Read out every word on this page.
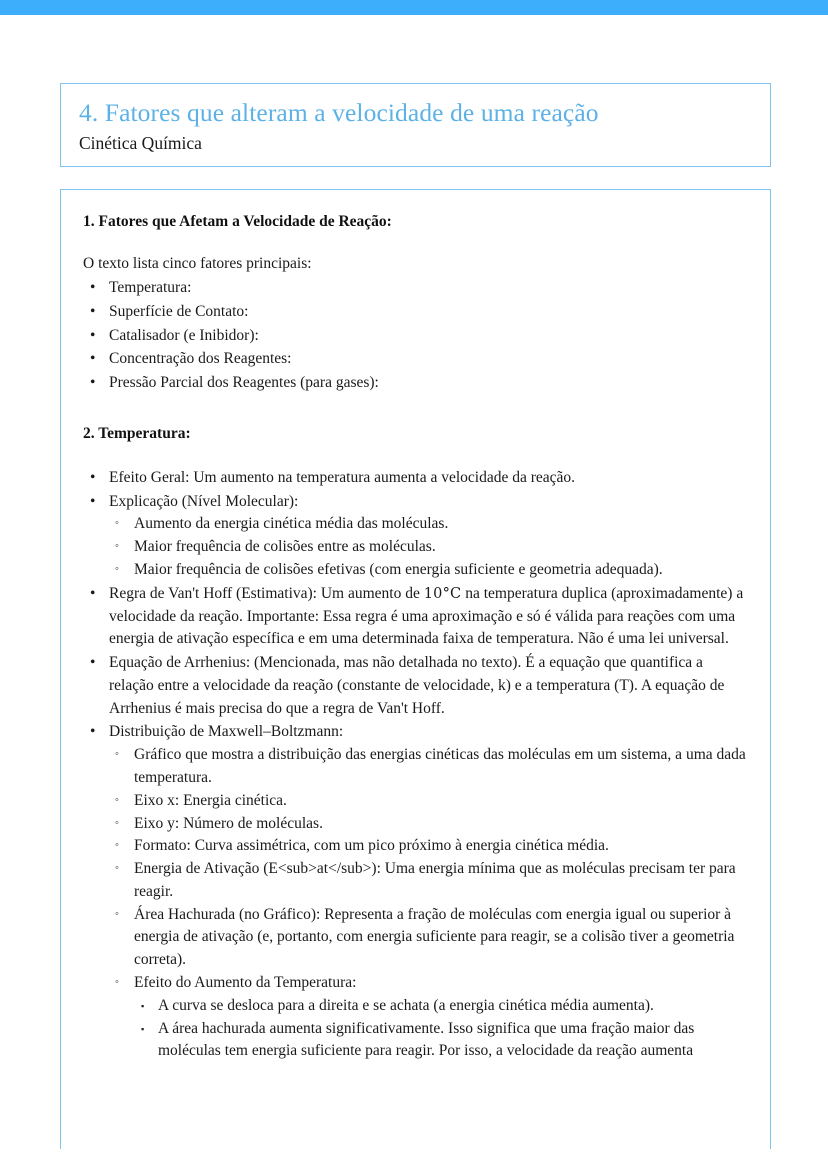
4. Fatores que alteram a velocidade de uma reação
Cinética Química
1. Fatores que Afetam a Velocidade de Reação:

O texto lista cinco fatores principais:

• Temperatura:
• Superfície de Contato:
• Catalisador (e Inibidor):
• Concentração dos Reagentes:
• Pressão Parcial dos Reagentes (para gases):
2. Temperatura:
• Efeito Geral: Um aumento na temperatura aumenta a velocidade da reação.
• Explicação (Nível Molecular):
◦ Aumento da energia cinética média das moléculas.
◦ Maior frequência de colisões entre as moléculas.
◦ Maior frequência de colisões efetivas (com energia suficiente e geometria adequada).
• Regra de Van't Hoff (Estimativa): Um aumento de 10°C na temperatura duplica (aproximadamente) a velocidade da reação. Importante: Essa regra é uma aproximação e só é válida para reações com uma energia de ativação específica e em uma determinada faixa de temperatura. Não é uma lei universal.
• Equação de Arrhenius: (Mencionada, mas não detalhada no texto). É a equação que quantifica a relação entre a velocidade da reação (constante de velocidade, k) e a temperatura (T). A equação de Arrhenius é mais precisa do que a regra de Van't Hoff.
• Distribuição de Maxwell–Boltzmann:
◦ Gráfico que mostra a distribuição das energias cinéticas das moléculas em um sistema, a uma dada temperatura.
◦ Eixo x: Energia cinética.
◦ Eixo y: Número de moléculas.
◦ Formato: Curva assimétrica, com um pico próximo à energia cinética média.
◦ Energia de Ativação (E<sub>at</sub>): Uma energia mínima que as moléculas precisam ter para reagir.
◦ Área Hachurada (no Gráfico): Representa a fração de moléculas com energia igual ou superior à energia de ativação (e, portanto, com energia suficiente para reagir, se a colisão tiver a geometria correta).
◦ Efeito do Aumento da Temperatura:
▪ A curva se desloca para a direita e se achata (a energia cinética média aumenta).
▪ A área hachurada aumenta significativamente. Isso significa que uma fração maior das moléculas tem energia suficiente para reagir. Por isso, a velocidade da reação aumenta
